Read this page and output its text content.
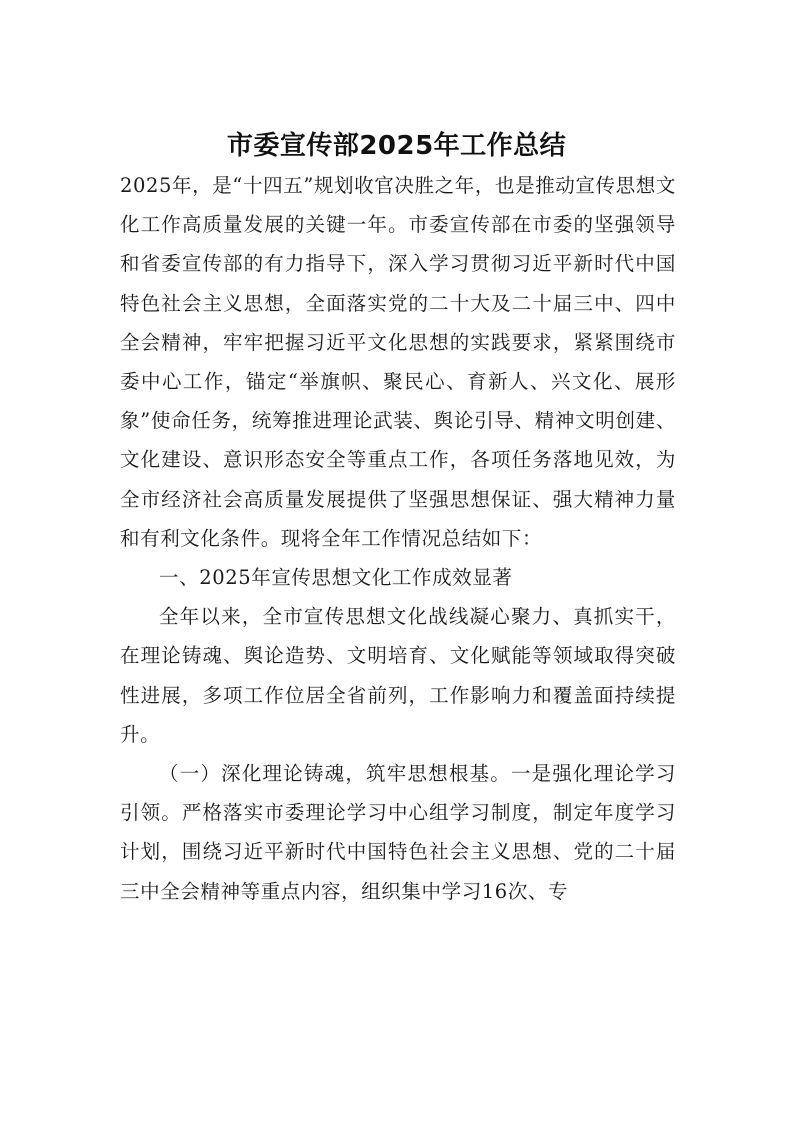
市委宣传部2025年工作总结

2025年，是“十四五”规划收官决胜之年，也是推动宣传思想文化工作高质量发展的关键一年。市委宣传部在市委的坚强领导和省委宣传部的有力指导下，深入学习贯彻习近平新时代中国特色社会主义思想，全面落实党的二十大及二十届三中、四中全会精神，牢牢把握习近平文化思想的实践要求，紧紧围绕市委中心工作，锚定“举旗帜、聚民心、育新人、兴文化、展形象”使命任务，统筹推进理论武装、舆论引导、精神文明创建、文化建设、意识形态安全等重点工作，各项任务落地见效，为全市经济社会高质量发展提供了坚强思想保证、强大精神力量和有利文化条件。现将全年工作情况总结如下：

一、2025年宣传思想文化工作成效显著

全年以来，全市宣传思想文化战线凝心聚力、真抓实干，在理论铸魂、舆论造势、文明培育、文化赋能等领域取得突破性进展，多项工作位居全省前列，工作影响力和覆盖面持续提升。

（一）深化理论铸魂，筑牢思想根基。一是强化理论学习引领。严格落实市委理论学习中心组学习制度，制定年度学习计划，围绕习近平新时代中国特色社会主义思想、党的二十届三中全会精神等重点内容，组织集中学习16次、专
